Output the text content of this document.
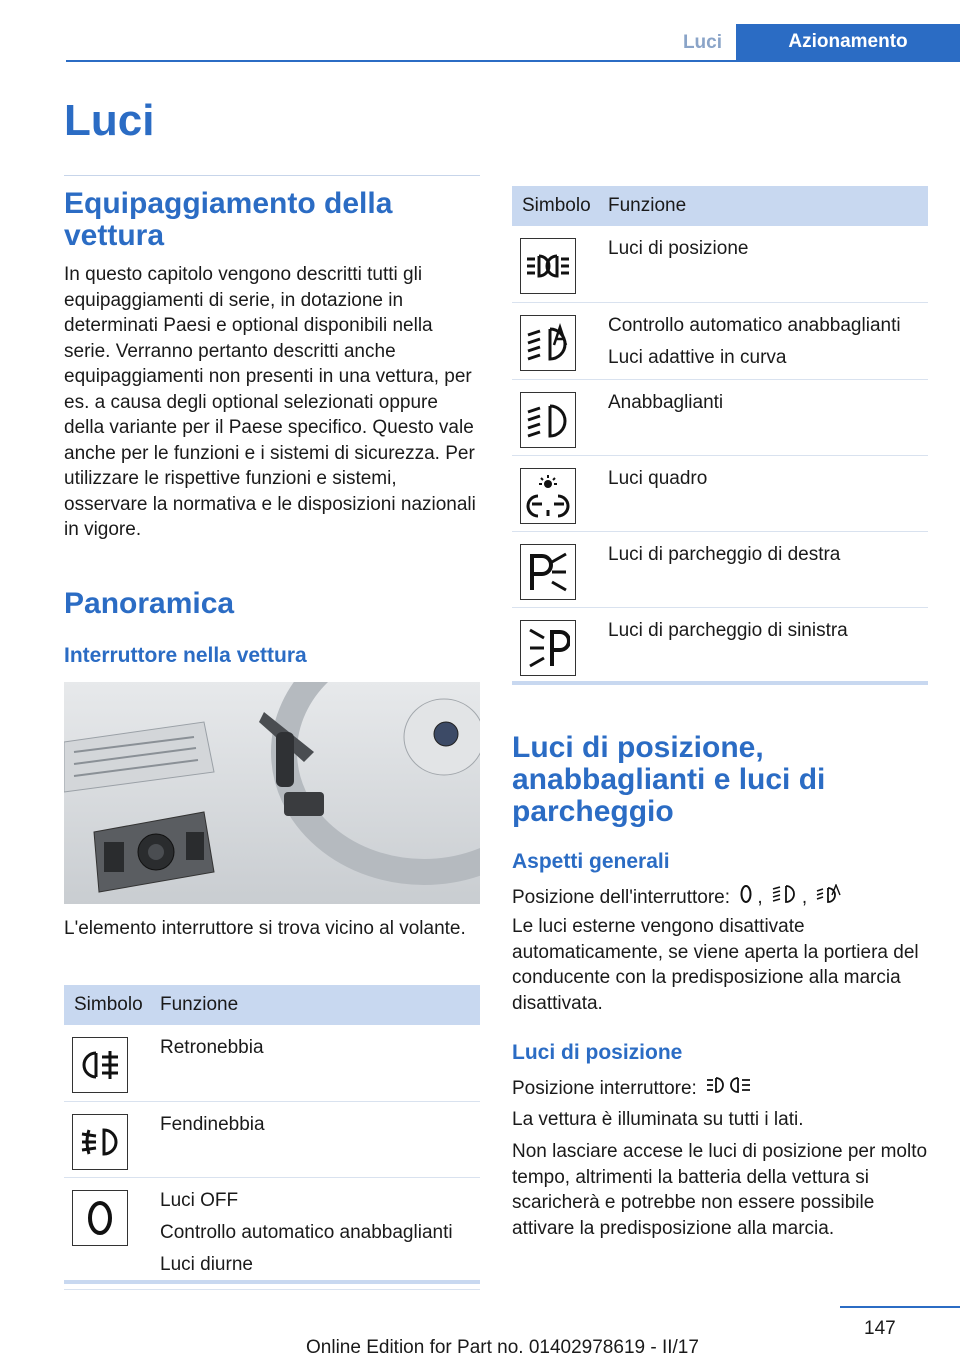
Luci	Azionamento
Luci
Equipaggiamento della vettura
In questo capitolo vengono descritti tutti gli equipaggiamenti di serie, in dotazione in determinati Paesi e optional disponibili nella serie. Verranno pertanto descritti anche equipaggiamenti non presenti in una vettura, per es. a causa degli optional selezionati oppure della variante per il Paese specifico. Questo vale anche per le funzioni e i sistemi di sicurezza. Per utilizzare le rispettive funzioni e sistemi, osservare la normativa e le disposizioni nazionali in vigore.
Panoramica
Interruttore nella vettura
L'elemento interruttore si trova vicino al volante.
Simbolo	Funzione

Retronebbia

Fendinebbia

Luci OFF
Controllo automatico anabbaglianti
Luci diurne
Simbolo	Funzione

Luci di posizione

Controllo automatico anabbaglianti
Luci adattive in curva

Anabbaglianti

Luci quadro

Luci di parcheggio di destra

Luci di parcheggio di sinistra
Luci di posizione, anabbaglianti e luci di parcheggio
Aspetti generali
Posizione dell'interruttore: , ,
Le luci esterne vengono disattivate automaticamente, se viene aperta la portiera del conducente con la predisposizione alla marcia disattivata.
Luci di posizione
Posizione interruttore:
La vettura è illuminata su tutti i lati.
Non lasciare accese le luci di posizione per molto tempo, altrimenti la batteria della vettura si scaricherà e potrebbe non essere possibile attivare la predisposizione alla marcia.
147
Online Edition for Part no. 01402978619 - II/17
